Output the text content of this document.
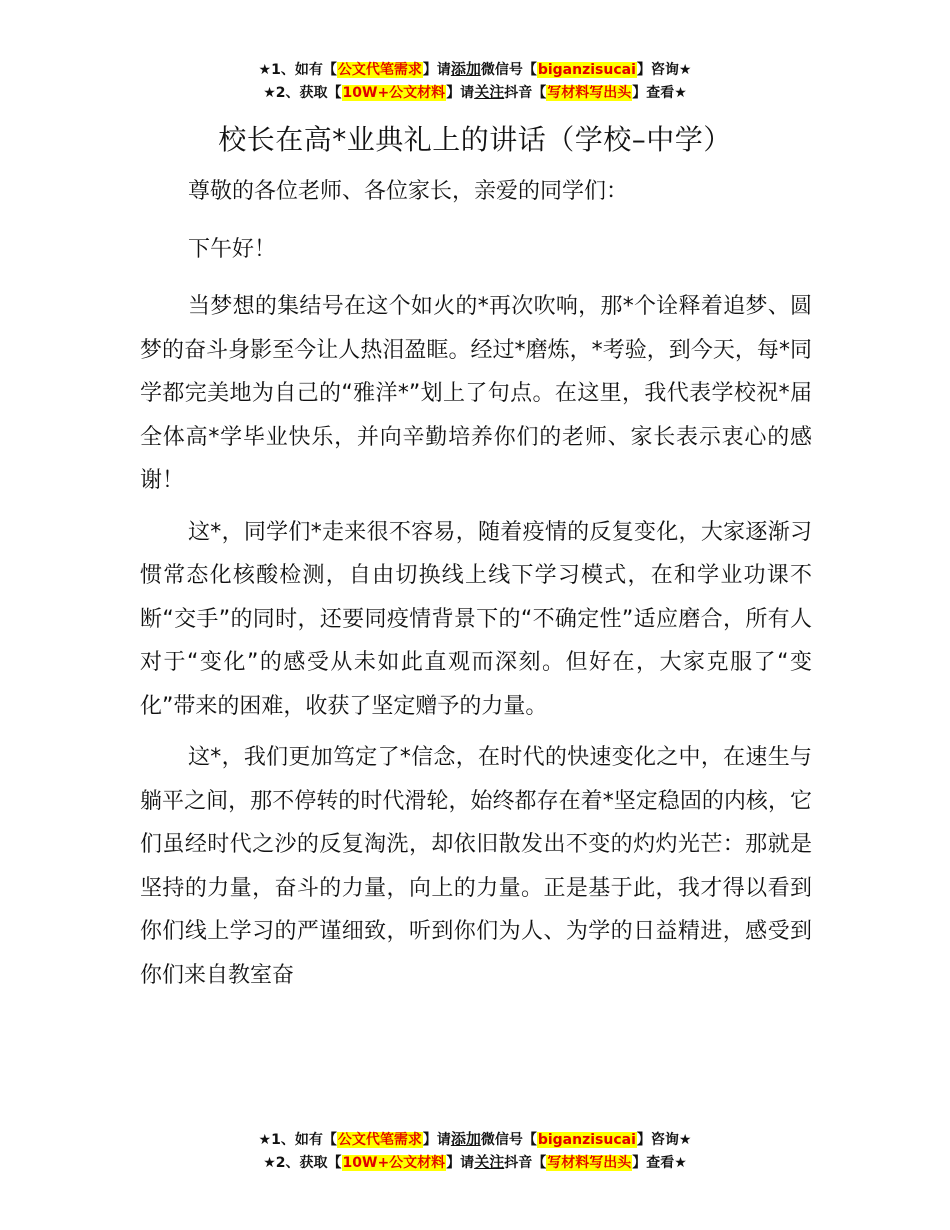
★1、如有【公文代笔需求】请添加微信号【biganzisucai】咨询★
★2、获取【10W+公文材料】请关注抖音【写材料写出头】查看★
校长在高*业典礼上的讲话（学校–中学）

尊敬的各位老师、各位家长，亲爱的同学们：

下午好！

当梦想的集结号在这个如火的*再次吹响，那*个诠释着追梦、圆梦的奋斗身影至今让人热泪盈眶。经过*磨炼，*考验，到今天，每*同学都完美地为自己的“雅洋*”划上了句点。在这里，我代表学校祝*届全体高*学毕业快乐，并向辛勤培养你们的老师、家长表示衷心的感谢！

这*，同学们*走来很不容易，随着疫情的反复变化，大家逐渐习惯常态化核酸检测，自由切换线上线下学习模式，在和学业功课不断“交手”的同时，还要同疫情背景下的“不确定性”适应磨合，所有人对于“变化”的感受从未如此直观而深刻。但好在，大家克服了“变化”带来的困难，收获了坚定赠予的力量。

这*，我们更加笃定了*信念，在时代的快速变化之中，在速生与躺平之间，那不停转的时代滑轮，始终都存在着*坚定稳固的内核，它们虽经时代之沙的反复淘洗，却依旧散发出不变的灼灼光芒：那就是坚持的力量，奋斗的力量，向上的力量。正是基于此，我才得以看到你们线上学习的严谨细致，听到你们为人、为学的日益精进，感受到你们来自教室奋

★1、如有【公文代笔需求】请添加微信号【biganzisucai】咨询★
★2、获取【10W+公文材料】请关注抖音【写材料写出头】查看★
